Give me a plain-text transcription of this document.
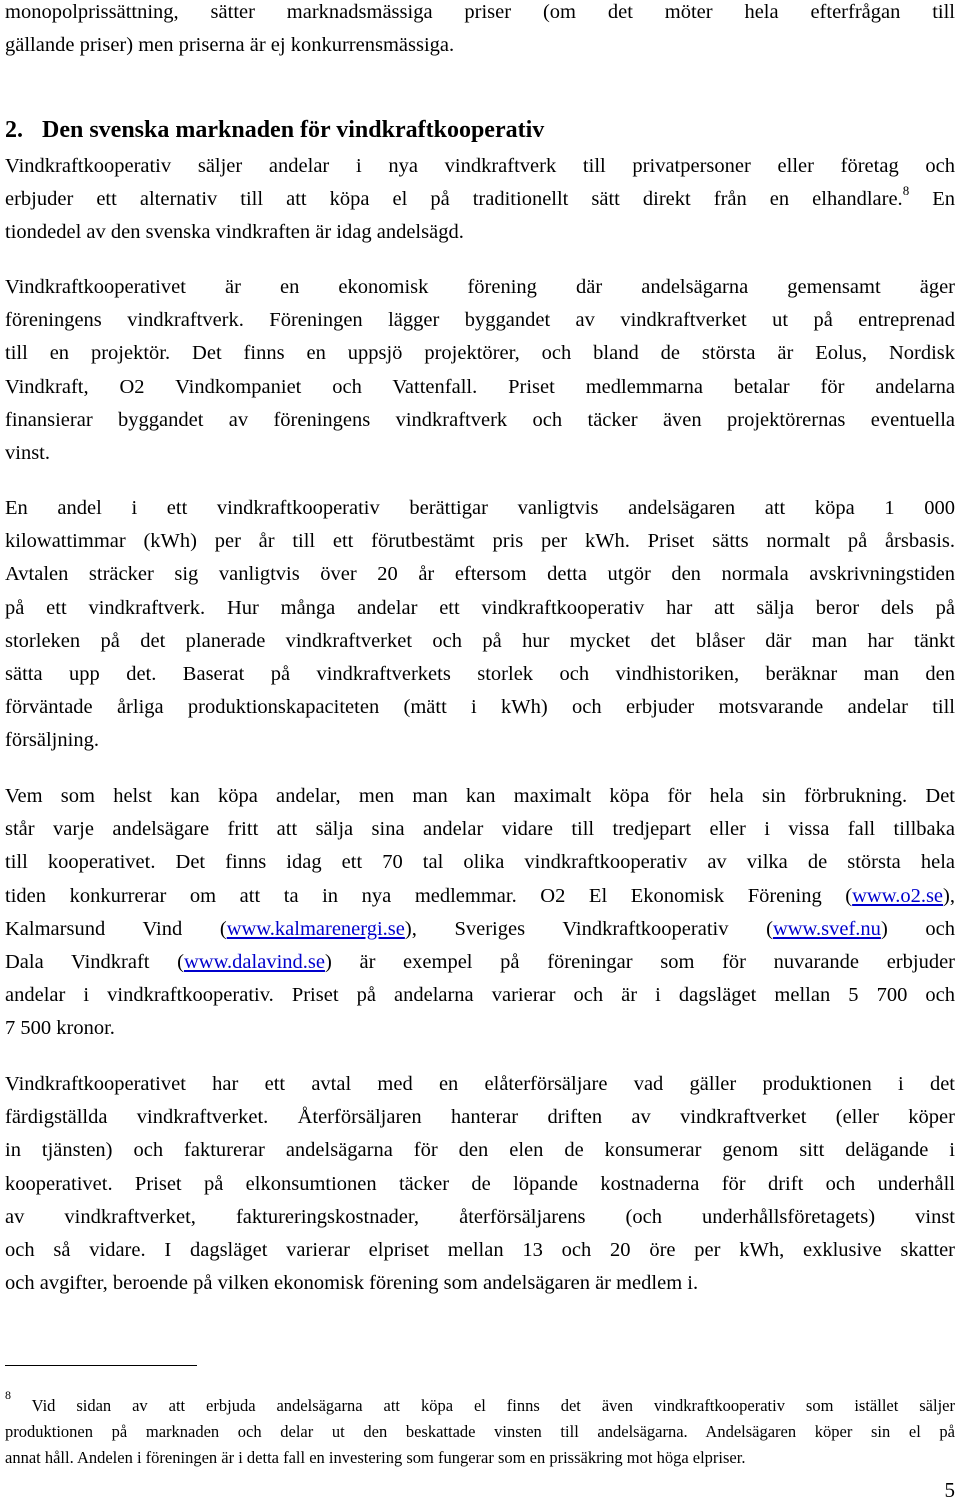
monopolprissättning, sätter marknadsmässiga priser (om det möter hela efterfrågan till
gällande priser) men priserna är ej konkurrensmässiga.
2. Den svenska marknaden för vindkraftkooperativ
Vindkraftkooperativ säljer andelar i nya vindkraftverk till privatpersoner eller företag och
erbjuder ett alternativ till att köpa el på traditionellt sätt direkt från en elhandlare.$^8$ En
tiondedel av den svenska vindkraften är idag andelsägd.
Vindkraftkooperativet är en ekonomisk förening där andelsägarna gemensamt äger
föreningens vindkraftverk. Föreningen lägger byggandet av vindkraftverket ut på entreprenad
till en projektör. Det finns en uppsjö projektörer, och bland de största är Eolus, Nordisk
Vindkraft, O2 Vindkompaniet och Vattenfall. Priset medlemmarna betalar för andelarna
finansierar byggandet av föreningens vindkraftverk och täcker även projektörernas eventuella
vinst.
En andel i ett vindkraftkooperativ berättigar vanligtvis andelsägaren att köpa 1 000
kilowattimmar (kWh) per år till ett förutbestämt pris per kWh. Priset sätts normalt på årsbasis.
Avtalen sträcker sig vanligtvis över 20 år eftersom detta utgör den normala avskrivningstiden
på ett vindkraftverk. Hur många andelar ett vindkraftkooperativ har att sälja beror dels på
storleken på det planerade vindkraftverket och på hur mycket det blåser där man har tänkt
sätta upp det. Baserat på vindkraftverkets storlek och vindhistoriken, beräknar man den
förväntade årliga produktionskapaciteten (mätt i kWh) och erbjuder motsvarande andelar till
försäljning.
Vem som helst kan köpa andelar, men man kan maximalt köpa för hela sin förbrukning. Det
står varje andelsägare fritt att sälja sina andelar vidare till tredjepart eller i vissa fall tillbaka
till kooperativet. Det finns idag ett 70 tal olika vindkraftkooperativ av vilka de största hela
tiden konkurrerar om att ta in nya medlemmar. O2 El Ekonomisk Förening (www.o2.se),
Kalmarsund Vind (www.kalmarenergi.se), Sveriges Vindkraftkooperativ (www.svef.nu) och
Dala Vindkraft (www.dalavind.se) är exempel på föreningar som för nuvarande erbjuder
andelar i vindkraftkooperativ. Priset på andelarna varierar och är i dagsläget mellan 5 700 och
7 500 kronor.
Vindkraftkooperativet har ett avtal med en elåterförsäljare vad gäller produktionen i det
färdigställda vindkraftverket. Återförsäljaren hanterar driften av vindkraftverket (eller köper
in tjänsten) och fakturerar andelsägarna för den elen de konsumerar genom sitt delägande i
kooperativet. Priset på elkonsumtionen täcker de löpande kostnaderna för drift och underhåll
av vindkraftverket, faktureringskostnader, återförsäljarens (och underhållsföretagets) vinst
och så vidare. I dagsläget varierar elpriset mellan 13 och 20 öre per kWh, exklusive skatter
och avgifter, beroende på vilken ekonomisk förening som andelsägaren är medlem i.
$^8$ Vid sidan av att erbjuda andelsägarna att köpa el finns det även vindkraftkooperativ som istället säljer
produktionen på marknaden och delar ut den beskattade vinsten till andelsägarna. Andelsägaren köper sin el på
annat håll. Andelen i föreningen är i detta fall en investering som fungerar som en prissäkring mot höga elpriser.
5
